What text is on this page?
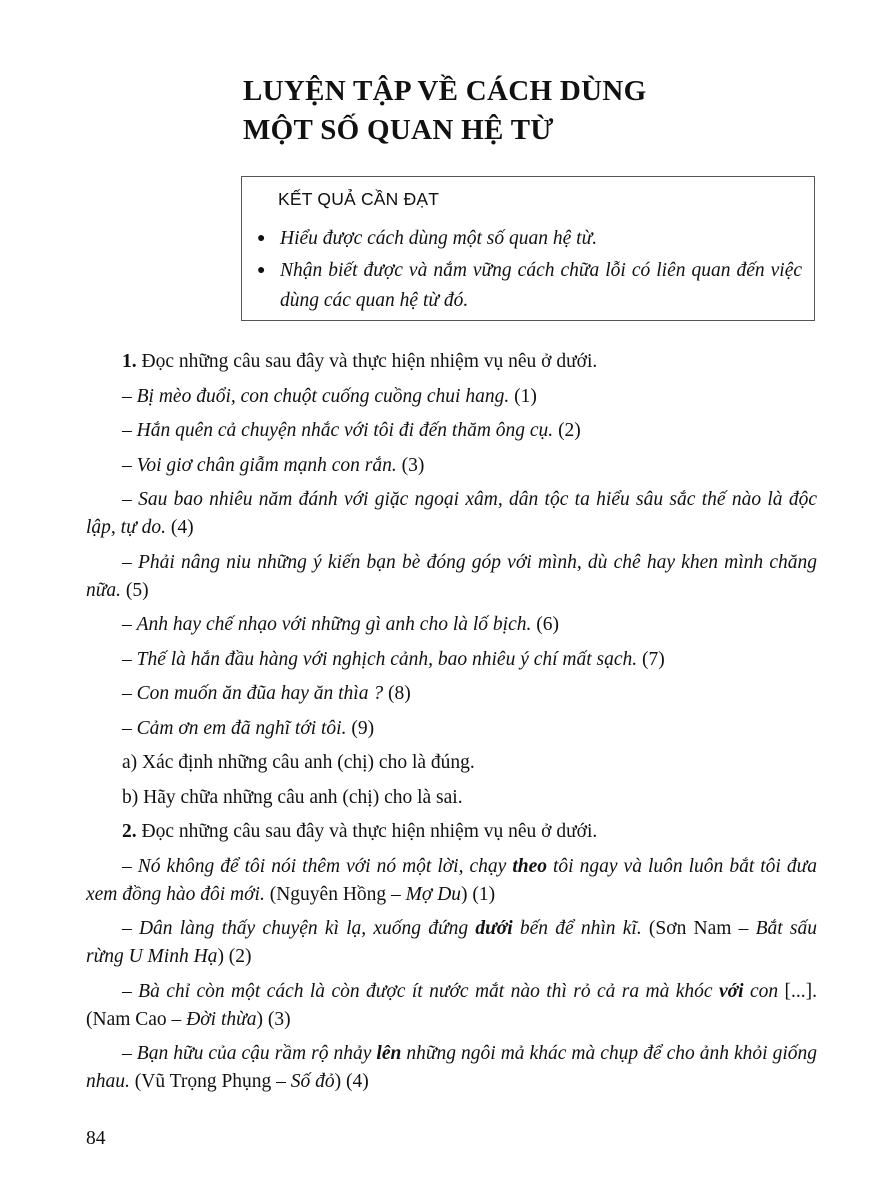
LUYỆN TẬP VỀ CÁCH DÙNG
MỘT SỐ QUAN HỆ TỪ
KẾT QUẢ CẦN ĐẠT
● Hiểu được cách dùng một số quan hệ từ.
● Nhận biết được và nắm vững cách chữa lỗi có liên quan đến việc dùng các quan hệ từ đó.

1. Đọc những câu sau đây và thực hiện nhiệm vụ nêu ở dưới.

– Bị mèo đuổi, con chuột cuống cuồng chui hang. (1)

– Hắn quên cả chuyện nhắc với tôi đi đến thăm ông cụ. (2)

– Voi giơ chân giẫm mạnh con rắn. (3)

– Sau bao nhiêu năm đánh với giặc ngoại xâm, dân tộc ta hiểu sâu sắc thế nào là độc lập, tự do. (4)

– Phải nâng niu những ý kiến bạn bè đóng góp với mình, dù chê hay khen mình chăng nữa. (5)

– Anh hay chế nhạo với những gì anh cho là lố bịch. (6)

– Thế là hắn đầu hàng với nghịch cảnh, bao nhiêu ý chí mất sạch. (7)

– Con muốn ăn đũa hay ăn thìa ? (8)

– Cảm ơn em đã nghĩ tới tôi. (9)

a) Xác định những câu anh (chị) cho là đúng.

b) Hãy chữa những câu anh (chị) cho là sai.

2. Đọc những câu sau đây và thực hiện nhiệm vụ nêu ở dưới.

– Nó không để tôi nói thêm với nó một lời, chạy theo tôi ngay và luôn luôn bắt tôi đưa xem đồng hào đôi mới. (Nguyên Hồng – Mợ Du) (1)

– Dân làng thấy chuyện kì lạ, xuống đứng dưới bến để nhìn kĩ. (Sơn Nam – Bắt sấu rừng U Minh Hạ) (2)

– Bà chỉ còn một cách là còn được ít nước mắt nào thì rỏ cả ra mà khóc với con [...]. (Nam Cao – Đời thừa) (3)

– Bạn hữu của cậu rầm rộ nhảy lên những ngôi mả khác mà chụp để cho ảnh khỏi giống nhau. (Vũ Trọng Phụng – Số đỏ) (4)

84
